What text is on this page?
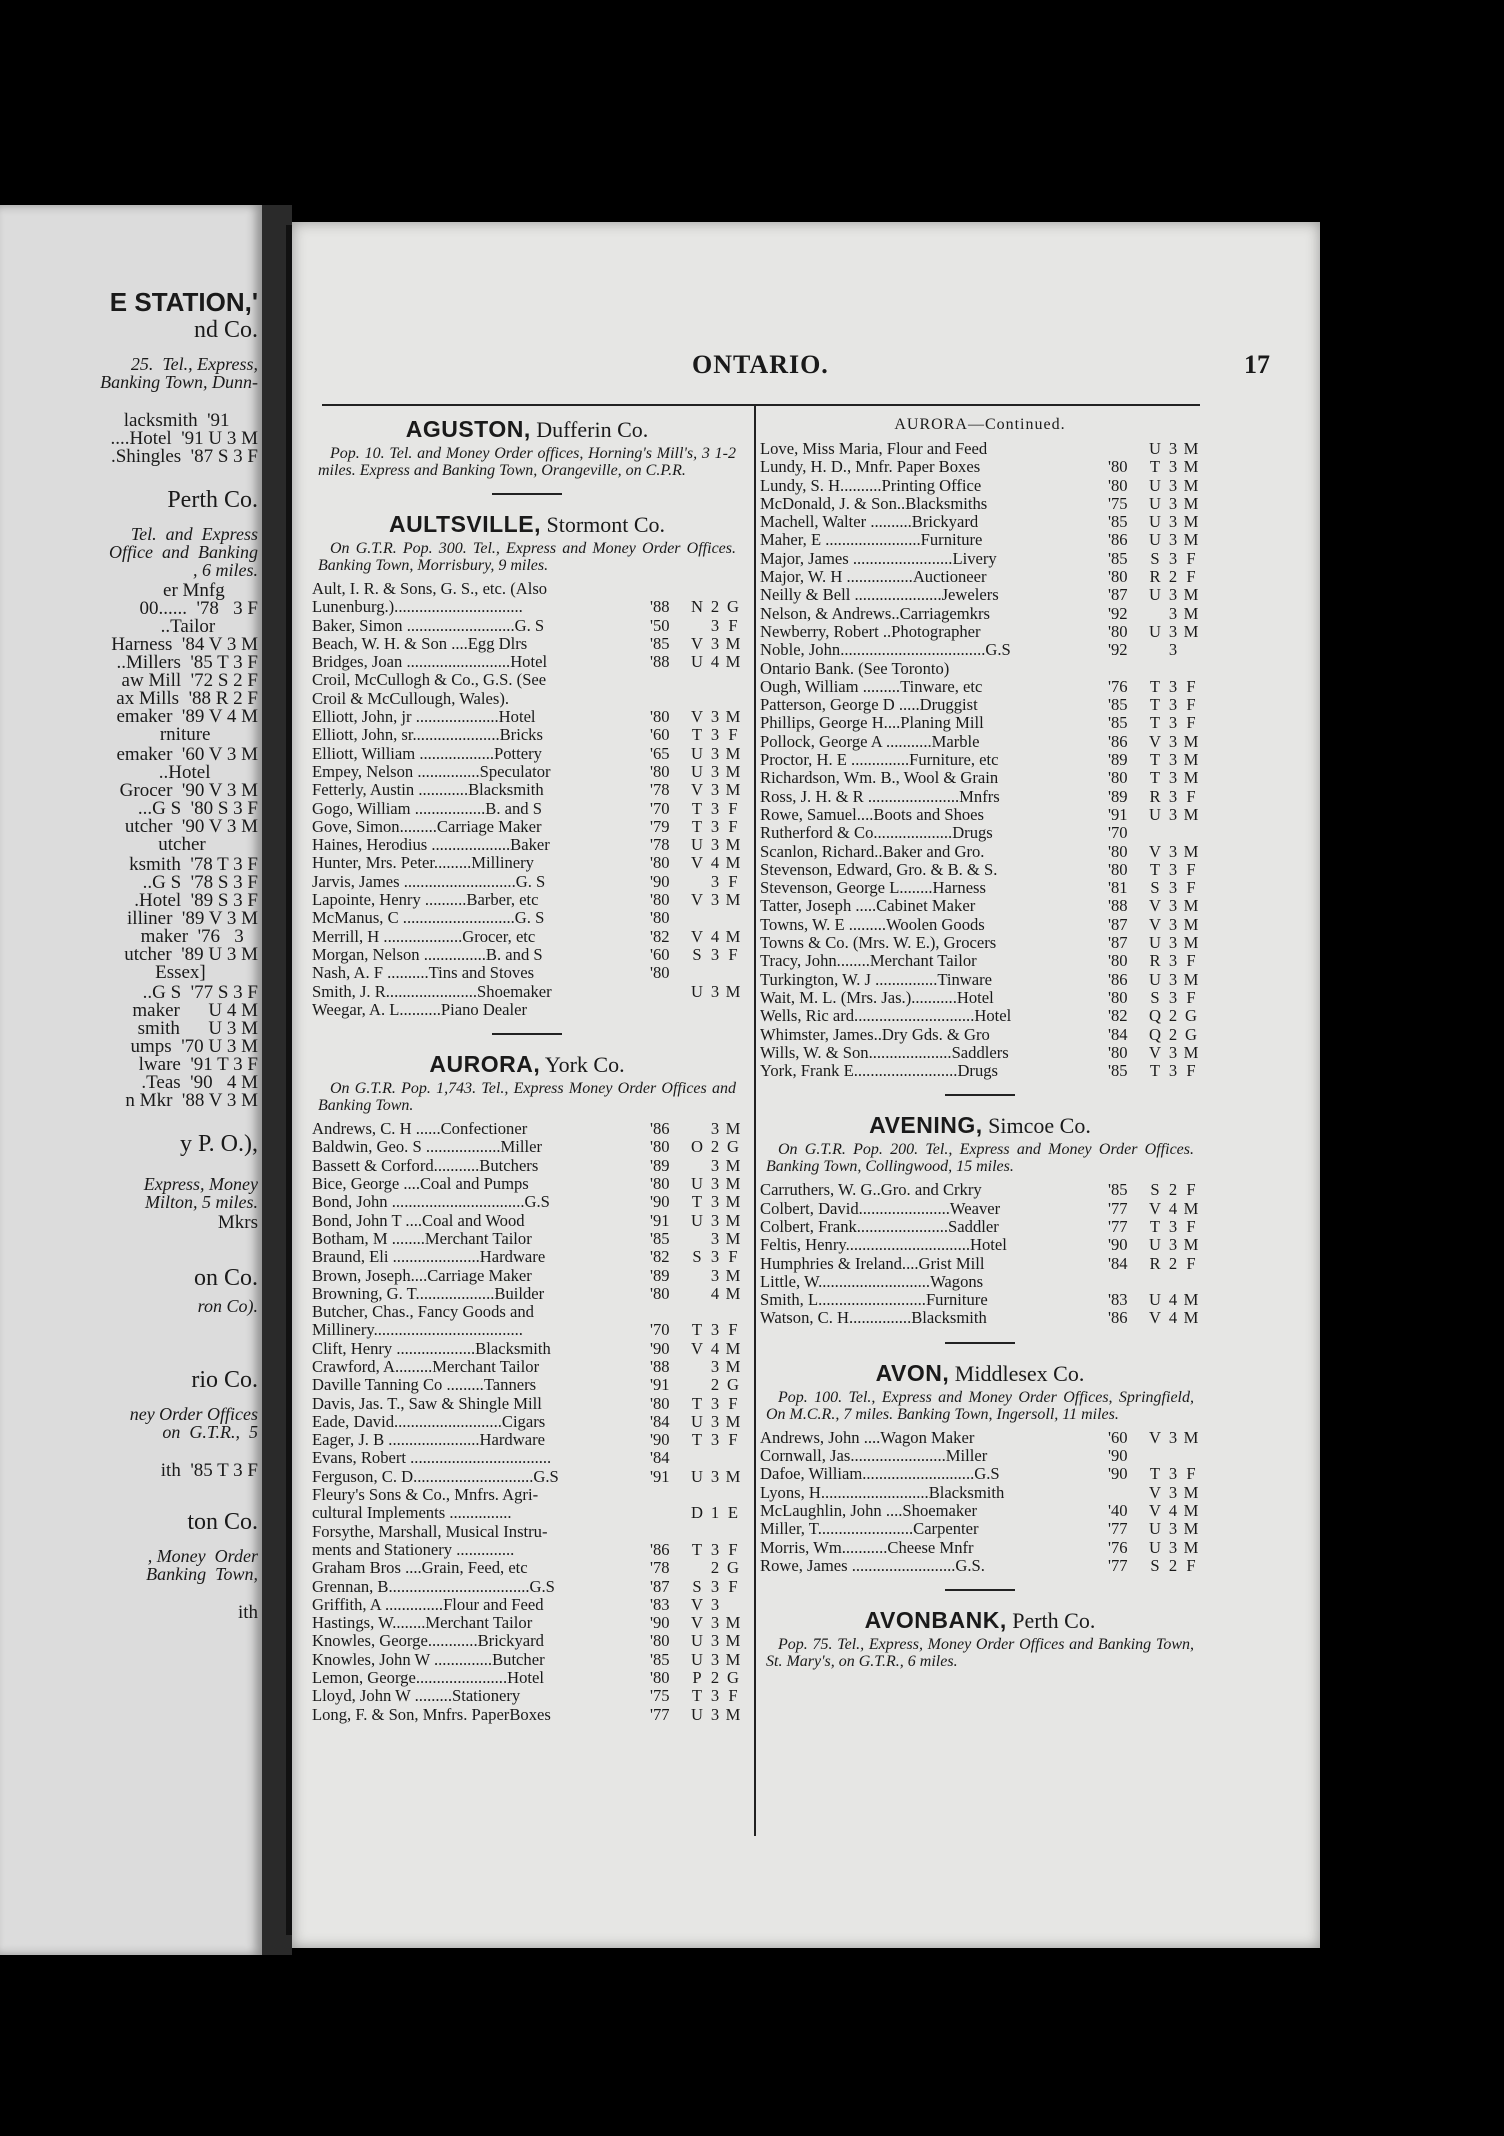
E STATION,'
nd Co.
25.  Tel., Express,
Banking Town, Dunn-
lacksmith  '91
....Hotel  '91 U 3 M
.Shingles  '87 S 3 F
Perth Co.
Tel.  and  Express
Office  and  Banking
, 6 miles.
er Mnfg
00......  '78   3 F
..Tailor
Harness  '84 V 3 M
..Millers  '85 T 3 F
aw Mill  '72 S 2 F
ax Mills  '88 R 2 F
emaker  '89 V 4 M
rniture
emaker  '60 V 3 M
..Hotel
Grocer  '90 V 3 M
...G S  '80 S 3 F
utcher  '90 V 3 M
utcher
ksmith  '78 T 3 F
..G S  '78 S 3 F
.Hotel  '89 S 3 F
illiner  '89 V 3 M
maker  '76   3
utcher  '89 U 3 M
Essex]
..G S  '77 S 3 F
maker      U 4 M
smith      U 3 M
umps  '70 U 3 M
lware  '91 T 3 F
.Teas  '90   4 M
n Mkr  '88 V 3 M
y P. O.),
Express, Money
Milton, 5 miles.
Mkrs
on Co.
ron Co).
rio Co.
ney Order Offices
on  G.T.R.,  5
ith  '85 T 3 F
ton Co.
, Money  Order
Banking  Town,
ith
ONTARIO.	17
AGUSTON, Dufferin Co.
Pop. 10. Tel. and Money Order offices, Horning's Mill's, 3 1-2 miles. Express and Banking Town, Orangeville, on C.P.R.
AULTSVILLE, Stormont Co.
On G.T.R. Pop. 300. Tel., Express and Money Order Offices. Banking Town, Morrisbury, 9 miles.
Ault, I. R. & Sons, G. S., etc. (Also
Lunenburg.)...............................	'88	N 2 G
Baker, Simon ..........................G. S	'50	3 F
Beach, W. H. & Son ....Egg Dlrs	'85	V 3 M
Bridges, Joan .........................Hotel	'88	U 4 M
Croil, McCullogh & Co., G.S. (See
Croil & McCullough, Wales).
Elliott, John, jr ....................Hotel	'80	V 3 M
Elliott, John, sr.....................Bricks	'60	T 3 F
Elliott, William ..................Pottery	'65	U 3 M
Empey, Nelson ...............Speculator	'80	U 3 M
Fetterly, Austin ............Blacksmith	'78	V 3 M
Gogo, William .................B. and S	'70	T 3 F
Gove, Simon.........Carriage Maker	'79	T 3 F
Haines, Herodius ...................Baker	'78	U 3 M
Hunter, Mrs. Peter.........Millinery	'80	V 4 M
Jarvis, James ...........................G. S	'90	3 F
Lapointe, Henry ..........Barber, etc	'80	V 3 M
McManus, C ...........................G. S	'80
Merrill, H ...................Grocer, etc	'82	V 4 M
Morgan, Nelson ...............B. and S	'60	S 3 F
Nash, A. F ..........Tins and Stoves	'80
Smith, J. R......................Shoemaker	U 3 M
Weegar, A. L..........Piano Dealer
AURORA, York Co.
On G.T.R. Pop. 1,743. Tel., Express Money Order Offices and Banking Town.
Andrews, C. H ......Confectioner	'86	3 M
Baldwin, Geo. S ..................Miller	'80	O 2 G
Bassett & Corford...........Butchers	'89	3 M
Bice, George ....Coal and Pumps	'80	U 3 M
Bond, John ................................G.S	'90	T 3 M
Bond, John T ....Coal and Wood	'91	U 3 M
Botham, M ........Merchant Tailor	'85	3 M
Braund, Eli .....................Hardware	'82	S 3 F
Brown, Joseph....Carriage Maker	'89	3 M
Browning, G. T...................Builder	'80	4 M
Butcher, Chas., Fancy Goods and
Millinery....................................	'70	T 3 F
Clift, Henry ...................Blacksmith	'90	V 4 M
Crawford, A.........Merchant Tailor	'88	3 M
Daville Tanning Co .........Tanners	'91	2 G
Davis, Jas. T., Saw & Shingle Mill	'80	T 3 F
Eade, David..........................Cigars	'84	U 3 M
Eager, J. B ......................Hardware	'90	T 3 F
Evans, Robert ..................................	'84
Ferguson, C. D.............................G.S	'91	U 3 M
Fleury's Sons & Co., Mnfrs. Agri-
cultural Implements ...............	D 1 E
Forsythe, Marshall, Musical Instru-
ments and Stationery ..............	'86	T 3 F
Graham Bros ....Grain, Feed, etc	'78	2 G
Grennan, B..................................G.S	'87	S 3 F
Griffith, A ..............Flour and Feed	'83	V 3
Hastings, W........Merchant Tailor	'90	V 3 M
Knowles, George............Brickyard	'80	U 3 M
Knowles, John W ..............Butcher	'85	U 3 M
Lemon, George......................Hotel	'80	P 2 G
Lloyd, John W .........Stationery	'75	T 3 F
Long, F. & Son, Mnfrs. PaperBoxes	'77	U 3 M
AURORA—Continued.
Love, Miss Maria, Flour and Feed	U 3 M
Lundy, H. D., Mnfr. Paper Boxes	'80	T 3 M
Lundy, S. H..........Printing Office	'80	U 3 M
McDonald, J. & Son..Blacksmiths	'75	U 3 M
Machell, Walter ..........Brickyard	'85	U 3 M
Maher, E .......................Furniture	'86	U 3 M
Major, James ........................Livery	'85	S 3 F
Major, W. H ................Auctioneer	'80	R 2 F
Neilly & Bell .....................Jewelers	'87	U 3 M
Nelson, & Andrews..Carriagemkrs	'92	3 M
Newberry, Robert ..Photographer	'80	U 3 M
Noble, John...................................G.S	'92	3
Ontario Bank. (See Toronto)
Ough, William .........Tinware, etc	'76	T 3 F
Patterson, George D .....Druggist	'85	T 3 F
Phillips, George H....Planing Mill	'85	T 3 F
Pollock, George A ...........Marble	'86	V 3 M
Proctor, H. E ..............Furniture, etc	'89	T 3 M
Richardson, Wm. B., Wool & Grain	'80	T 3 M
Ross, J. H. & R ......................Mnfrs	'89	R 3 F
Rowe, Samuel....Boots and Shoes	'91	U 3 M
Rutherford & Co...................Drugs	'70
Scanlon, Richard..Baker and Gro.	'80	V 3 M
Stevenson, Edward, Gro. & B. & S.	'80	T 3 F
Stevenson, George L........Harness	'81	S 3 F
Tatter, Joseph .....Cabinet Maker	'88	V 3 M
Towns, W. E .........Woolen Goods	'87	V 3 M
Towns & Co. (Mrs. W. E.), Grocers	'87	U 3 M
Tracy, John........Merchant Tailor	'80	R 3 F
Turkington, W. J ...............Tinware	'86	U 3 M
Wait, M. L. (Mrs. Jas.)...........Hotel	'80	S 3 F
Wells, Ric ard.............................Hotel	'82	Q 2 G
Whimster, James..Dry Gds. & Gro	'84	Q 2 G
Wills, W. & Son....................Saddlers	'80	V 3 M
York, Frank E.........................Drugs	'85	T 3 F
AVENING, Simcoe Co.
On G.T.R. Pop. 200. Tel., Express and Money Order Offices. Banking Town, Collingwood, 15 miles.
Carruthers, W. G..Gro. and Crkry	'85	S 2 F
Colbert, David......................Weaver	'77	V 4 M
Colbert, Frank......................Saddler	'77	T 3 F
Feltis, Henry..............................Hotel	'90	U 3 M
Humphries & Ireland....Grist Mill	'84	R 2 F
Little, W...........................Wagons
Smith, L..........................Furniture	'83	U 4 M
Watson, C. H...............Blacksmith	'86	V 4 M
AVON, Middlesex Co.
Pop. 100. Tel., Express and Money Order Offices, Springfield, On M.C.R., 7 miles. Banking Town, Ingersoll, 11 miles.
Andrews, John ....Wagon Maker	'60	V 3 M
Cornwall, Jas.......................Miller	'90
Dafoe, William...........................G.S	'90	T 3 F
Lyons, H..........................Blacksmith	V 3 M
McLaughlin, John ....Shoemaker	'40	V 4 M
Miller, T.......................Carpenter	'77	U 3 M
Morris, Wm...........Cheese Mnfr	'76	U 3 M
Rowe, James .........................G.S.	'77	S 2 F
AVONBANK, Perth Co.
Pop. 75. Tel., Express, Money Order Offices and Banking Town, St. Mary's, on G.T.R., 6 miles.
